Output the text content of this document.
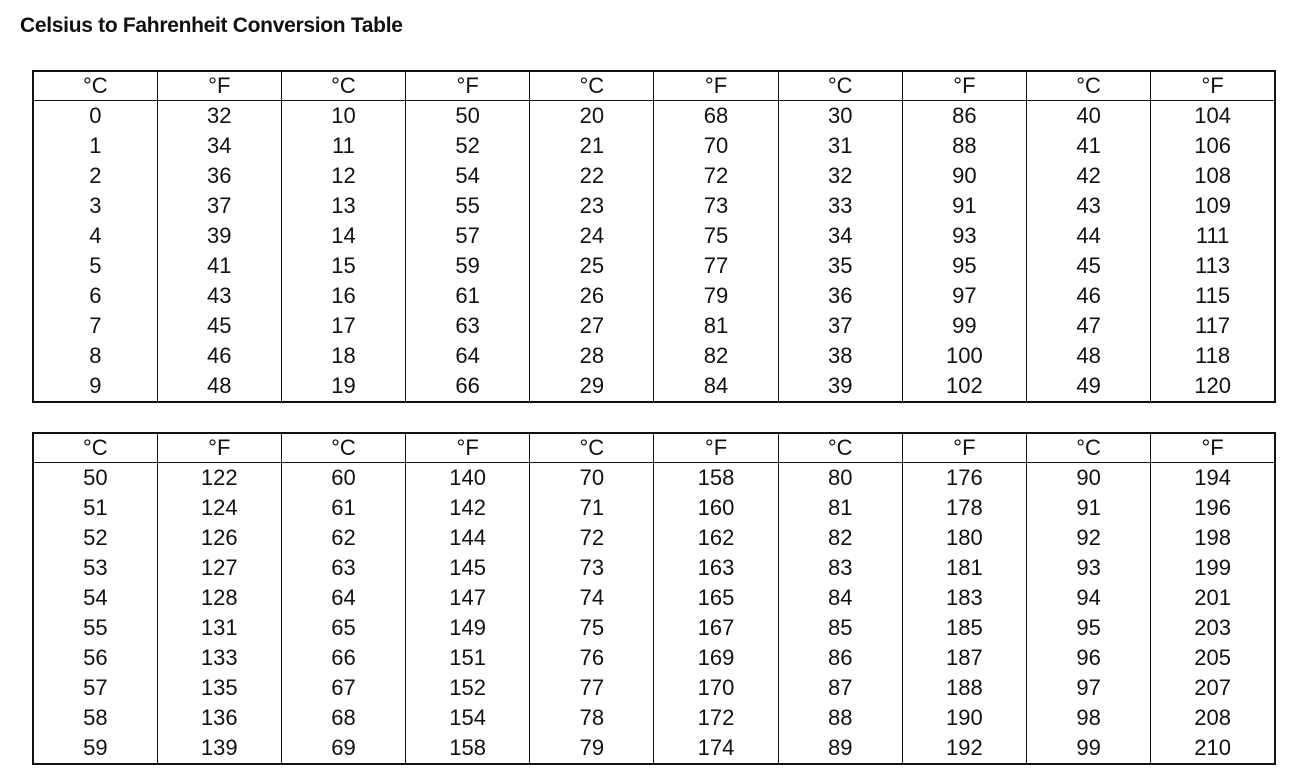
Celsius to Fahrenheit Conversion Table
°C	°F	°C	°F	°C	°F	°C	°F	°C	°F
0	32	10	50	20	68	30	86	40	104
1	34	11	52	21	70	31	88	41	106
2	36	12	54	22	72	32	90	42	108
3	37	13	55	23	73	33	91	43	109
4	39	14	57	24	75	34	93	44	111
5	41	15	59	25	77	35	95	45	113
6	43	16	61	26	79	36	97	46	115
7	45	17	63	27	81	37	99	47	117
8	46	18	64	28	82	38	100	48	118
9	48	19	66	29	84	39	102	49	120
°C	°F	°C	°F	°C	°F	°C	°F	°C	°F
50	122	60	140	70	158	80	176	90	194
51	124	61	142	71	160	81	178	91	196
52	126	62	144	72	162	82	180	92	198
53	127	63	145	73	163	83	181	93	199
54	128	64	147	74	165	84	183	94	201
55	131	65	149	75	167	85	185	95	203
56	133	66	151	76	169	86	187	96	205
57	135	67	152	77	170	87	188	97	207
58	136	68	154	78	172	88	190	98	208
59	139	69	158	79	174	89	192	99	210
